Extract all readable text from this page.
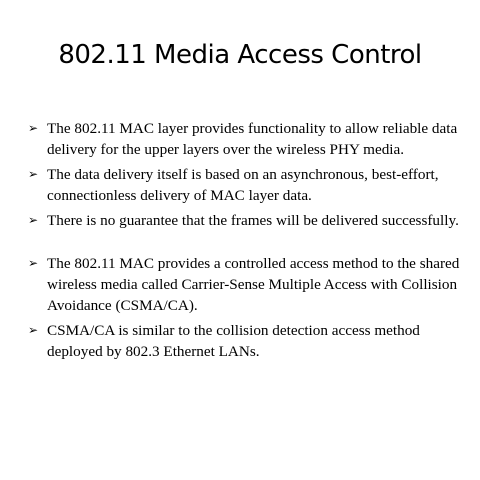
802.11 Media Access Control
➢ The 802.11 MAC layer provides functionality to allow reliable data delivery for the upper layers over the wireless PHY media.
➢ The data delivery itself is based on an asynchronous, best-effort, connectionless delivery of MAC layer data.
➢ There is no guarantee that the frames will be delivered successfully.
➢ The 802.11 MAC provides a controlled access method to the shared wireless media called Carrier-Sense Multiple Access with Collision Avoidance (CSMA/CA).
➢ CSMA/CA is similar to the collision detection access method deployed by 802.3 Ethernet LANs.
